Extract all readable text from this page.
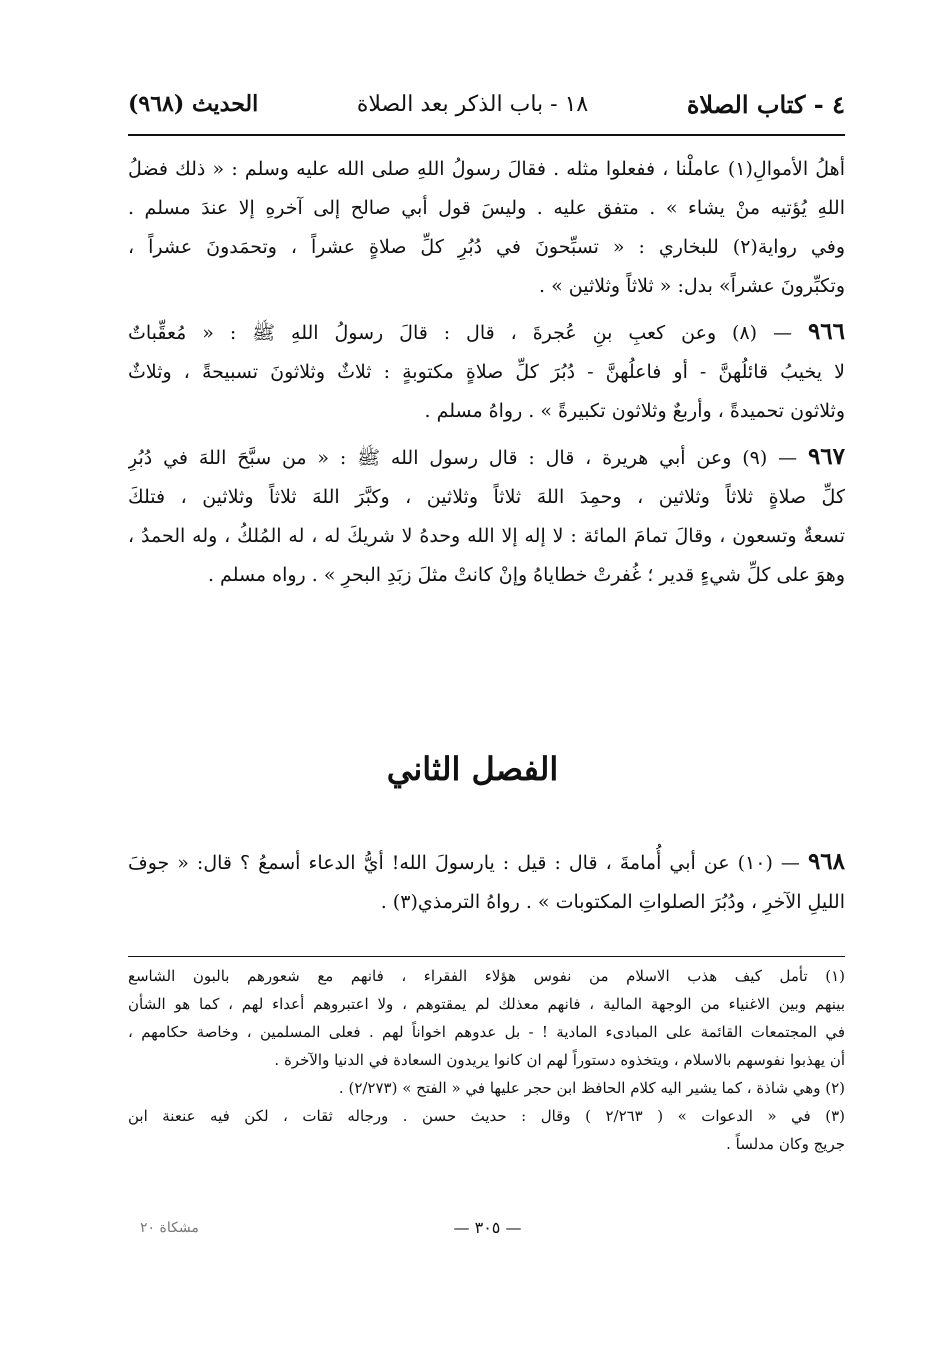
٤ - كتاب الصلاة
١٨ - باب الذكر بعد الصلاة
الحديث (٩٦٨)
أهلُ الأموالِ(١) عاملْنا ، ففعلوا مثله . فقالَ رسولُ اللهِ صلى الله عليه وسلم : « ذلك فضلُ
اللهِ يُؤتيه منْ يشاء » . متفق عليه . وليسَ قول أبي صالح إلى آخرهِ إلا عندَ مسلم .
وفي رواية(٢) للبخاري : « تسبِّحونَ في دُبُرِ كلِّ صلاةٍ عشراً ، وتحمَدونَ عشراً ،
وتكبِّرونَ عشراً» بدل: « ثلاثاً وثلاثين » .
٩٦٦ — (٨) وعن كعبِ بنِ عُجرةَ ، قال : قالَ رسولُ اللهِ ﷺ : « مُعقِّباتٌ
لا يخيبُ قائلُهنَّ - أو فاعلُهنَّ - دُبُرَ كلِّ صلاةٍ مكتوبةٍ : ثلاثٌ وثلاثونَ تسبيحةً ، وثلاثٌ
وثلاثون تحميدةً ، وأربعٌ وثلاثون تكبيرةً » . رواهُ مسلم .
٩٦٧ — (٩) وعن أبي هريرة ، قال : قال رسول الله ﷺ : « من سبَّحَ اللهَ في دُبُرِ
كلِّ صلاةٍ ثلاثاً وثلاثين ، وحمِدَ اللهَ ثلاثاً وثلاثين ، وكبَّرَ اللهَ ثلاثاً وثلاثين ، فتلكَ
تسعةٌ وتسعون ، وقالَ تمامَ المائة : لا إله إلا الله وحدهُ لا شريكَ له ، له المُلكُ ، وله الحمدُ ،
وهوَ على كلِّ شيءٍ قدير ؛ غُفرتْ خطاياهُ وإنْ كانتْ مثلَ زبَدِ البحرِ » . رواه مسلم .
الفصل الثاني
٩٦٨ — (١٠) عن أبي أُمامةَ ، قال : قيل : يارسولَ الله! أيُّ الدعاء أسمعُ ؟ قال: « جوفَ
الليلِ الآخرِ ، ودُبُرَ الصلواتِ المكتوبات » . رواهُ الترمذي(٣) .
(١) تأمل كيف هذب الاسلام من نفوس هؤلاء الفقراء ، فانهم مع شعورهم بالبون الشاسع
بينهم وبين الاغنياء من الوجهة المالية ، فانهم معذلك لم يمقتوهم ، ولا اعتبروهم أعداء لهم ، كما هو الشأن
في المجتمعات القائمة على المبادىء المادية ! - بل عدوهم اخواناً لهم . فعلى المسلمين ، وخاصة حكامهم ،
أن يهذبوا نفوسهم بالاسلام ، ويتخذوه دستوراً لهم ان كانوا يريدون السعادة في الدنيا والآخرة .
(٢) وهي شاذة ، كما يشير اليه كلام الحافظ ابن حجر عليها في « الفتح » (٢/٢٧٣) .
(٣) في « الدعوات » ( ٢/٢٦٣ ) وقال : حديث حسن . ورجاله ثقات ، لكن فيه عنعنة ابن
جريج وكان مدلساً .
مشكاة ٢٠	— ٣٠٥ —
